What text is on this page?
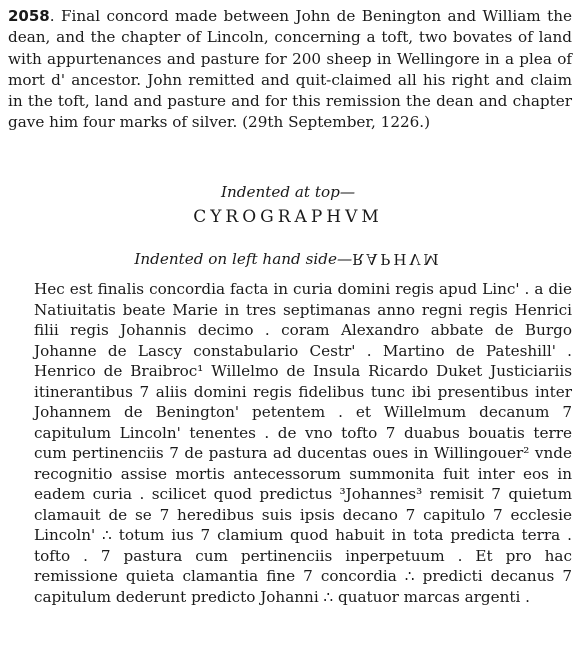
2058. Final concord made between John de Benington and William the dean, and the chapter of Lincoln, concerning a toft, two bovates of land with appurtenances and pasture for 200 sheep in Wellingore in a plea of mort d' ancestor. John remitted and quit-claimed all his right and claim in the toft, land and pasture and for this remission the dean and chapter gave him four marks of silver. (29th September, 1226.)

Indented at top—
CYROGRAPHVM
Indented on left hand side—RAPHVM

Hec est finalis concordia facta in curia domini regis apud Linc' . a die Natiuitatis beate Marie in tres septimanas anno regni regis Henrici filii regis Johannis decimo . coram Alexandro abbate de Burgo Johanne de Lascy constabulario Cestr' . Martino de Pateshill' . Henrico de Braibroc¹ Willelmo de Insula Ricardo Duket Justiciariis itinerantibus 7 aliis domini regis fidelibus tunc ibi presentibus inter Johannem de Benington' petentem . et Willelmum decanum 7 capitulum Lincoln' tenentes . de vno tofto 7 duabus bouatis terre cum pertinenciis 7 de pastura ad ducentas oues in Willingouer² vnde recognitio assise mortis antecessorum summonita fuit inter eos in eadem curia . scilicet quod predictus ³Johannes³ remisit 7 quietum clamauit de se 7 heredibus suis ipsis decano 7 capitulo 7 ecclesie Lincoln' ∴ totum ius 7 clamium quod habuit in tota predicta terra . tofto . 7 pastura cum pertinenciis inperpetuum . Et pro hac remissione quieta clamantia fine 7 concordia ∴ predicti decanus 7 capitulum dederunt predicto Johanni ∴ quatuor marcas argenti .
